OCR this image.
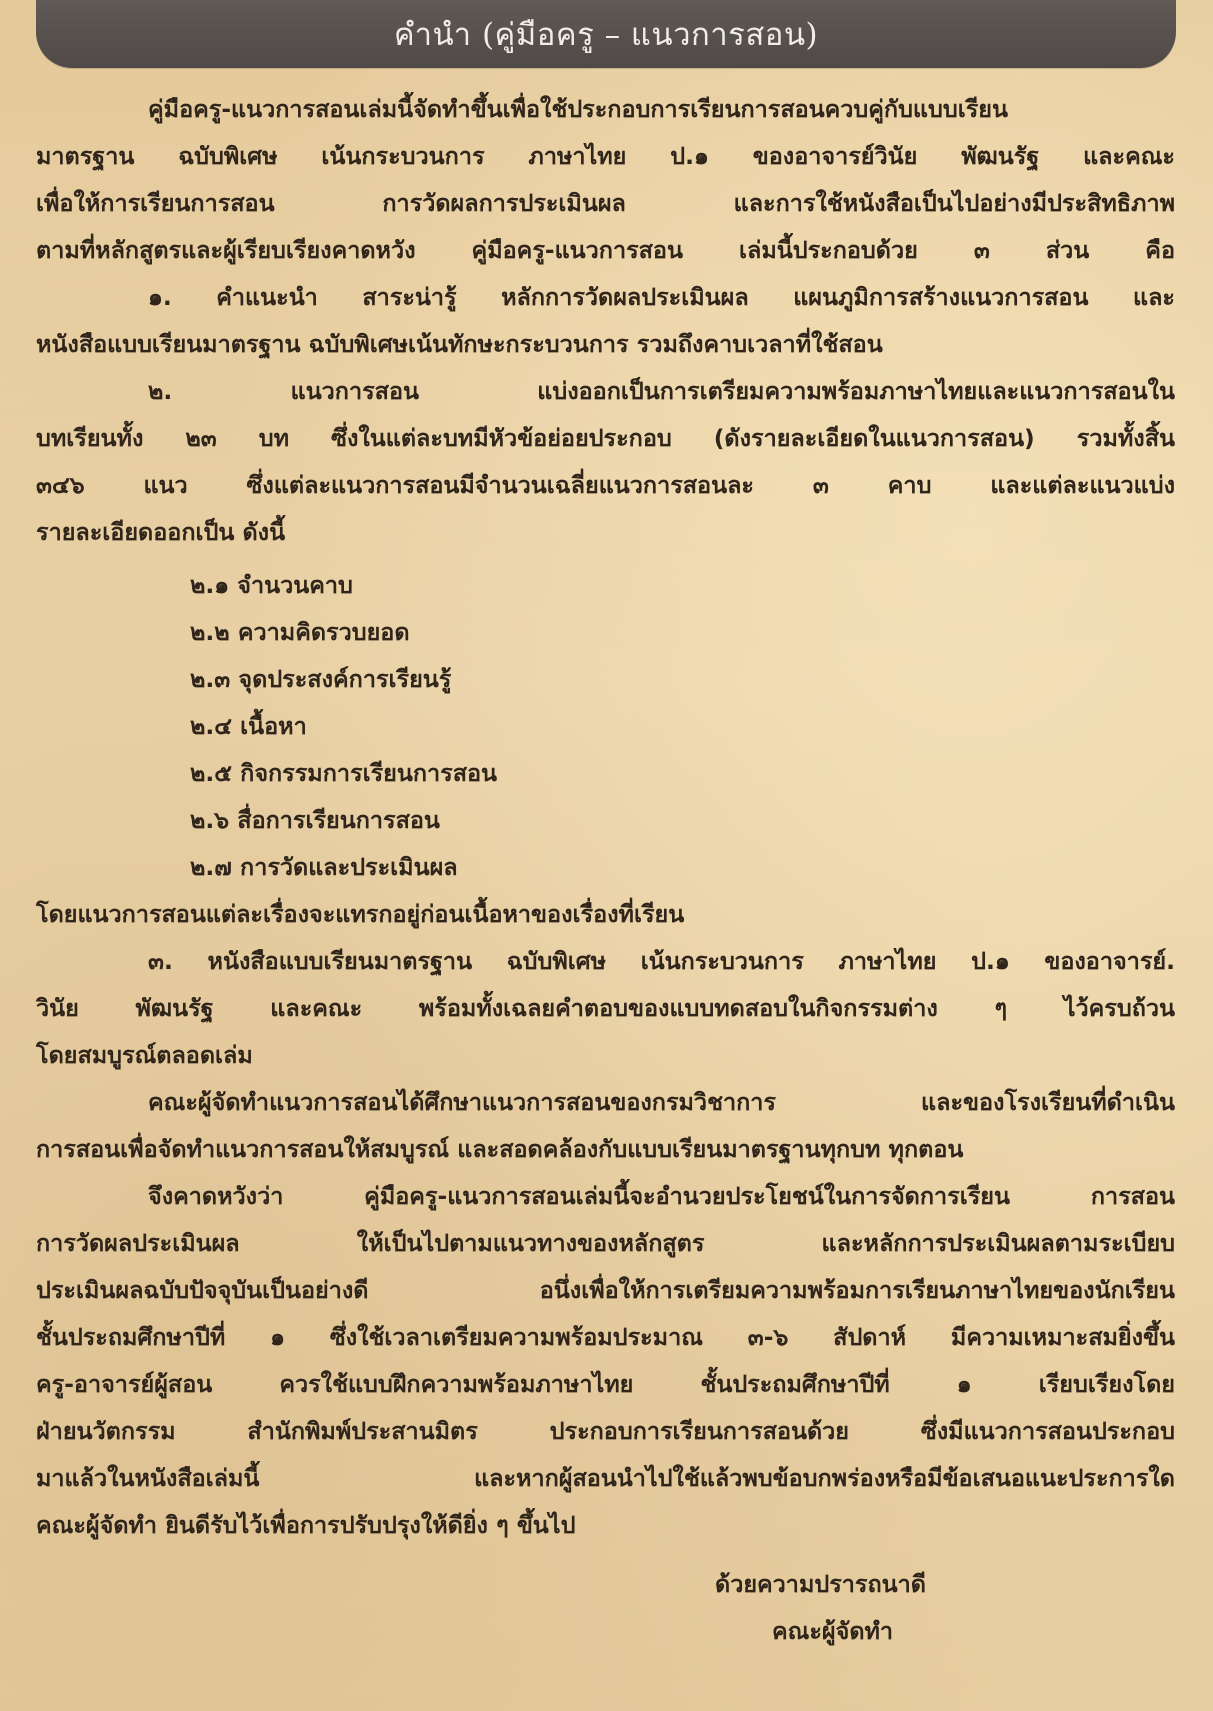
คำนำ (คู่มือครู – แนวการสอน)
คู่มือครู-แนวการสอนเล่มนี้จัดทำขึ้นเพื่อใช้ประกอบการเรียนการสอนควบคู่กับแบบเรียน
มาตรฐาน ฉบับพิเศษ เน้นกระบวนการ ภาษาไทย ป.๑ ของอาจารย์วินัย พัฒนรัฐ และคณะ
เพื่อให้การเรียนการสอน การวัดผลการประเมินผล และการใช้หนังสือเป็นไปอย่างมีประสิทธิภาพ
ตามที่หลักสูตรและผู้เรียบเรียงคาดหวัง คู่มือครู-แนวการสอน เล่มนี้ประกอบด้วย ๓ ส่วน คือ
๑. คำแนะนำ สาระน่ารู้ หลักการวัดผลประเมินผล แผนภูมิการสร้างแนวการสอน และ
หนังสือแบบเรียนมาตรฐาน ฉบับพิเศษเน้นทักษะกระบวนการ รวมถึงคาบเวลาที่ใช้สอน
๒. แนวการสอน แบ่งออกเป็นการเตรียมความพร้อมภาษาไทยและแนวการสอนใน
บทเรียนทั้ง ๒๓ บท ซึ่งในแต่ละบทมีหัวข้อย่อยประกอบ (ดังรายละเอียดในแนวการสอน) รวมทั้งสิ้น
๓๔๖ แนว ซึ่งแต่ละแนวการสอนมีจำนวนเฉลี่ยแนวการสอนละ ๓ คาบ และแต่ละแนวแบ่ง
รายละเอียดออกเป็น ดังนี้
๒.๑ จำนวนคาบ
๒.๒ ความคิดรวบยอด
๒.๓ จุดประสงค์การเรียนรู้
๒.๔ เนื้อหา
๒.๕ กิจกรรมการเรียนการสอน
๒.๖ สื่อการเรียนการสอน
๒.๗ การวัดและประเมินผล
โดยแนวการสอนแต่ละเรื่องจะแทรกอยู่ก่อนเนื้อหาของเรื่องที่เรียน
๓. หนังสือแบบเรียนมาตรฐาน ฉบับพิเศษ เน้นกระบวนการ ภาษาไทย ป.๑ ของอาจารย์.
วินัย พัฒนรัฐ และคณะ พร้อมทั้งเฉลยคำตอบของแบบทดสอบในกิจกรรมต่าง ๆ ไว้ครบถ้วน
โดยสมบูรณ์ตลอดเล่ม
คณะผู้จัดทำแนวการสอนได้ศึกษาแนวการสอนของกรมวิชาการ และของโรงเรียนที่ดำเนิน
การสอนเพื่อจัดทำแนวการสอนให้สมบูรณ์ และสอดคล้องกับแบบเรียนมาตรฐานทุกบท ทุกตอน
จึงคาดหวังว่า คู่มือครู-แนวการสอนเล่มนี้จะอำนวยประโยชน์ในการจัดการเรียน การสอน
การวัดผลประเมินผล ให้เป็นไปตามแนวทางของหลักสูตร และหลักการประเมินผลตามระเบียบ
ประเมินผลฉบับปัจจุบันเป็นอย่างดี อนึ่งเพื่อให้การเตรียมความพร้อมการเรียนภาษาไทยของนักเรียน
ชั้นประถมศึกษาปีที่ ๑ ซึ่งใช้เวลาเตรียมความพร้อมประมาณ ๓-๖ สัปดาห์ มีความเหมาะสมยิ่งขึ้น
ครู-อาจารย์ผู้สอน ควรใช้แบบฝึกความพร้อมภาษาไทย ชั้นประถมศึกษาปีที่ ๑ เรียบเรียงโดย
ฝ่ายนวัตกรรม สำนักพิมพ์ประสานมิตร ประกอบการเรียนการสอนด้วย ซึ่งมีแนวการสอนประกอบ
มาแล้วในหนังสือเล่มนี้ และหากผู้สอนนำไปใช้แล้วพบข้อบกพร่องหรือมีข้อเสนอแนะประการใด
คณะผู้จัดทำ ยินดีรับไว้เพื่อการปรับปรุงให้ดียิ่ง ๆ ขึ้นไป
ด้วยความปรารถนาดี
คณะผู้จัดทำ
